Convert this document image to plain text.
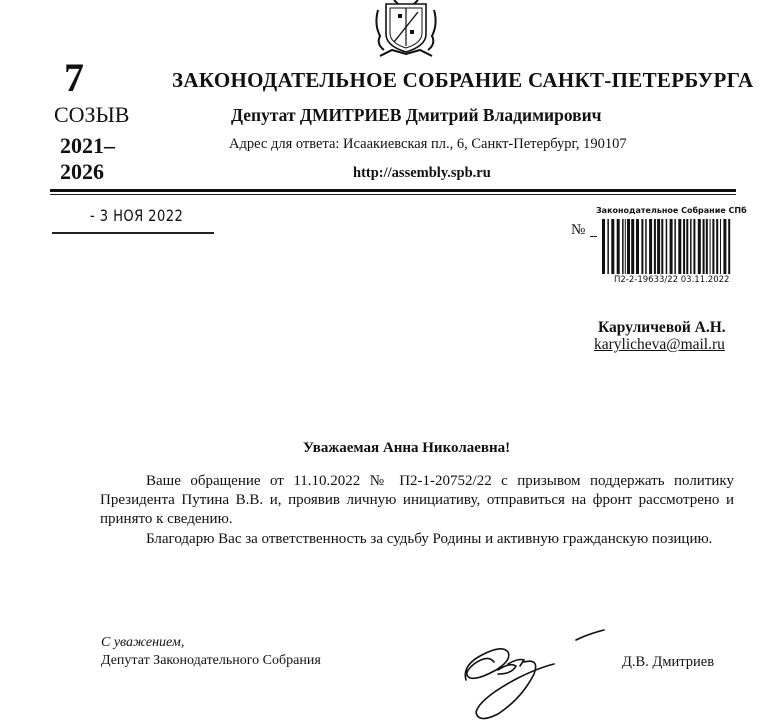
7
СОЗЫВ
2021–
2026
ЗАКОНОДАТЕЛЬНОЕ СОБРАНИЕ САНКТ-ПЕТЕРБУРГА
Депутат ДМИТРИЕВ Дмитрий Владимирович
Адрес для ответа: Исаакиевская пл., 6, Санкт-Петербург, 190107
http://assembly.spb.ru
- 3 НОЯ 2022	Законодательное Собрание СПб
№
П2-2-19633/22 03.11.2022
Каруличевой А.Н.
karylicheva@mail.ru
Уважаемая Анна Николаевна!
Ваше обращение от 11.10.2022 № П2-1-20752/22 с призывом поддержать политику Президента Путина В.В. и, проявив личную инициативу, отправиться на фронт рассмотрено и принято к сведению.
Благодарю Вас за ответственность за судьбу Родины и активную гражданскую позицию.
С уважением,
Депутат Законодательного Собрания	Д.В. Дмитриев
